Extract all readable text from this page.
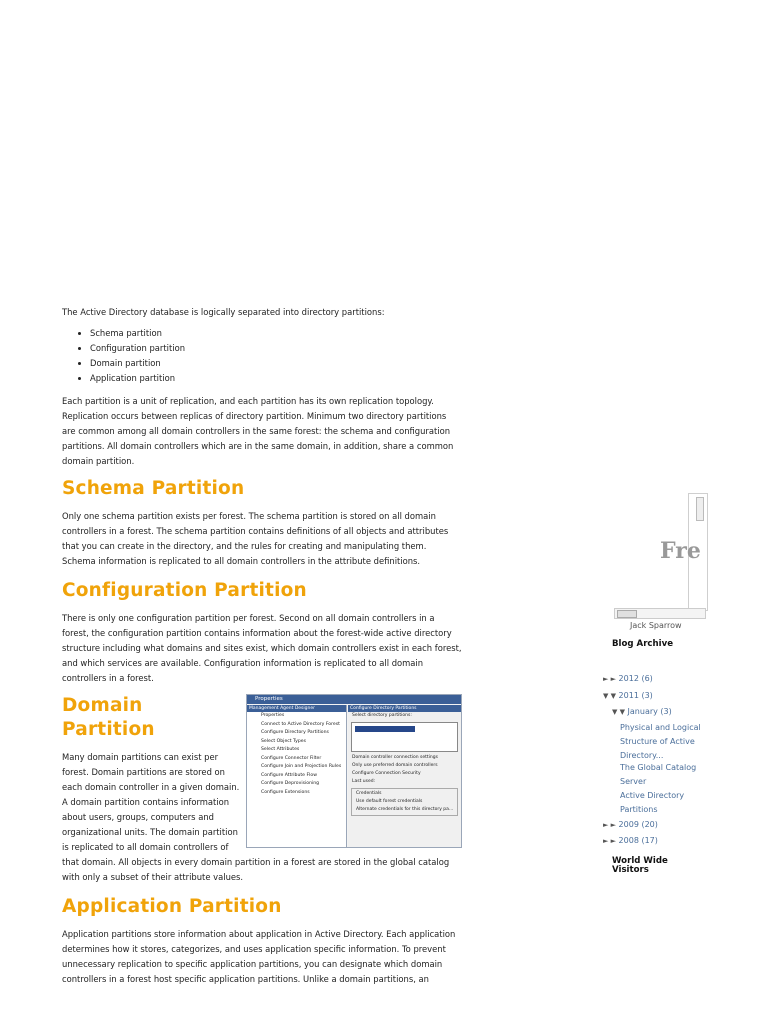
The Active Directory database is logically separated into directory partitions:

• Schema partition
• Configuration partition
• Domain partition
• Application partition

Each partition is a unit of replication, and each partition has its own replication topology. Replication occurs between replicas of directory partition. Minimum two directory partitions are common among all domain controllers in the same forest: the schema and configuration partitions. All domain controllers which are in the same domain, in addition, share a common domain partition.

Schema Partition

Only one schema partition exists per forest. The schema partition is stored on all domain controllers in a forest. The schema partition contains definitions of all objects and attributes that you can create in the directory, and the rules for creating and manipulating them. Schema information is replicated to all domain controllers in the attribute definitions.

Configuration Partition

There is only one configuration partition per forest. Second on all domain controllers in a forest, the configuration partition contains information about the forest-wide active directory structure including what domains and sites exist, which domain controllers exist in each forest, and which services are available. Configuration information is replicated to all domain controllers in a forest.

Properties
Management Agent Designer
Properties
Connect to Active Directory Forest
Configure Directory Partitions
Select Object Types
Select Attributes
Configure Connector Filter
Configure Join and Projection Rules
Configure Attribute Flow
Configure Deprovisioning
Configure Extensions
Configure Directory Partitions
Select directory partitions:
Domain controller connection settings
Only use preferred domain controllers
Configure Connection Security
Last used:
Credentials
Use default forest credentials
Alternate credentials for this directory pa...
Domain Partition

Many domain partitions can exist per forest. Domain partitions are stored on each domain controller in a given domain. A domain partition contains information about users, groups, computers and organizational units. The domain partition is replicated to all domain controllers of that domain. All objects in every domain partition in a forest are stored in the global catalog with only a subset of their attribute values.

Application Partition

Application partitions store information about application in Active Directory. Each application determines how it stores, categorizes, and uses application specific information. To prevent unnecessary replication to specific application partitions, you can designate which domain controllers in a forest host specific application partitions. Unlike a domain partitions, an

Fre
Jack Sparrow
Blog Archive
► ► 2012 (6)
▼ ▼ 2011 (3)
▼ ▼ January (3)
Physical and Logical Structure of Active Directory...
The Global Catalog Server
Active Directory Partitions
► ► 2009 (20)
► ► 2008 (17)
World Wide Visitors
